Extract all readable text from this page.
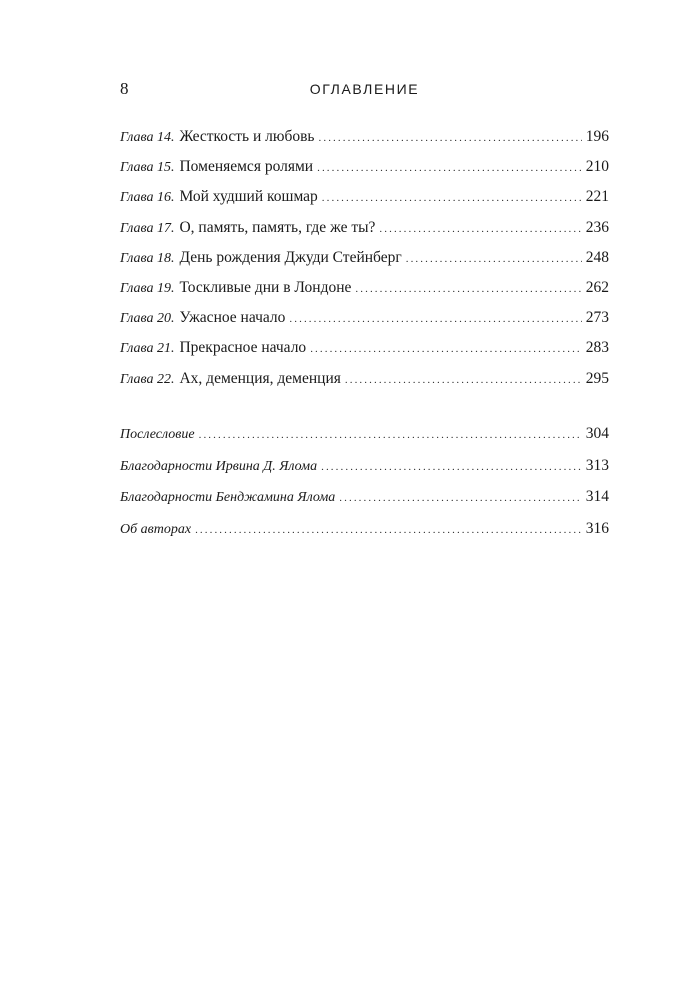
8	ОГЛАВЛЕНИЕ
Глава 14. Жесткость и любовь .....	196
Глава 15. Поменяемся ролями .....	210
Глава 16. Мой худший кошмар .....	221
Глава 17. О, память, память, где же ты? .....	236
Глава 18. День рождения Джуди Стейнберг .....	248
Глава 19. Тоскливые дни в Лондоне .....	262
Глава 20. Ужасное начало .....	273
Глава 21. Прекрасное начало .....	283
Глава 22. Ах, деменция, деменция .....	295
Послесловие .....	304
Благодарности Ирвина Д. Ялома .....	313
Благодарности Бенджамина Ялома .....	314
Об авторах .....	316
